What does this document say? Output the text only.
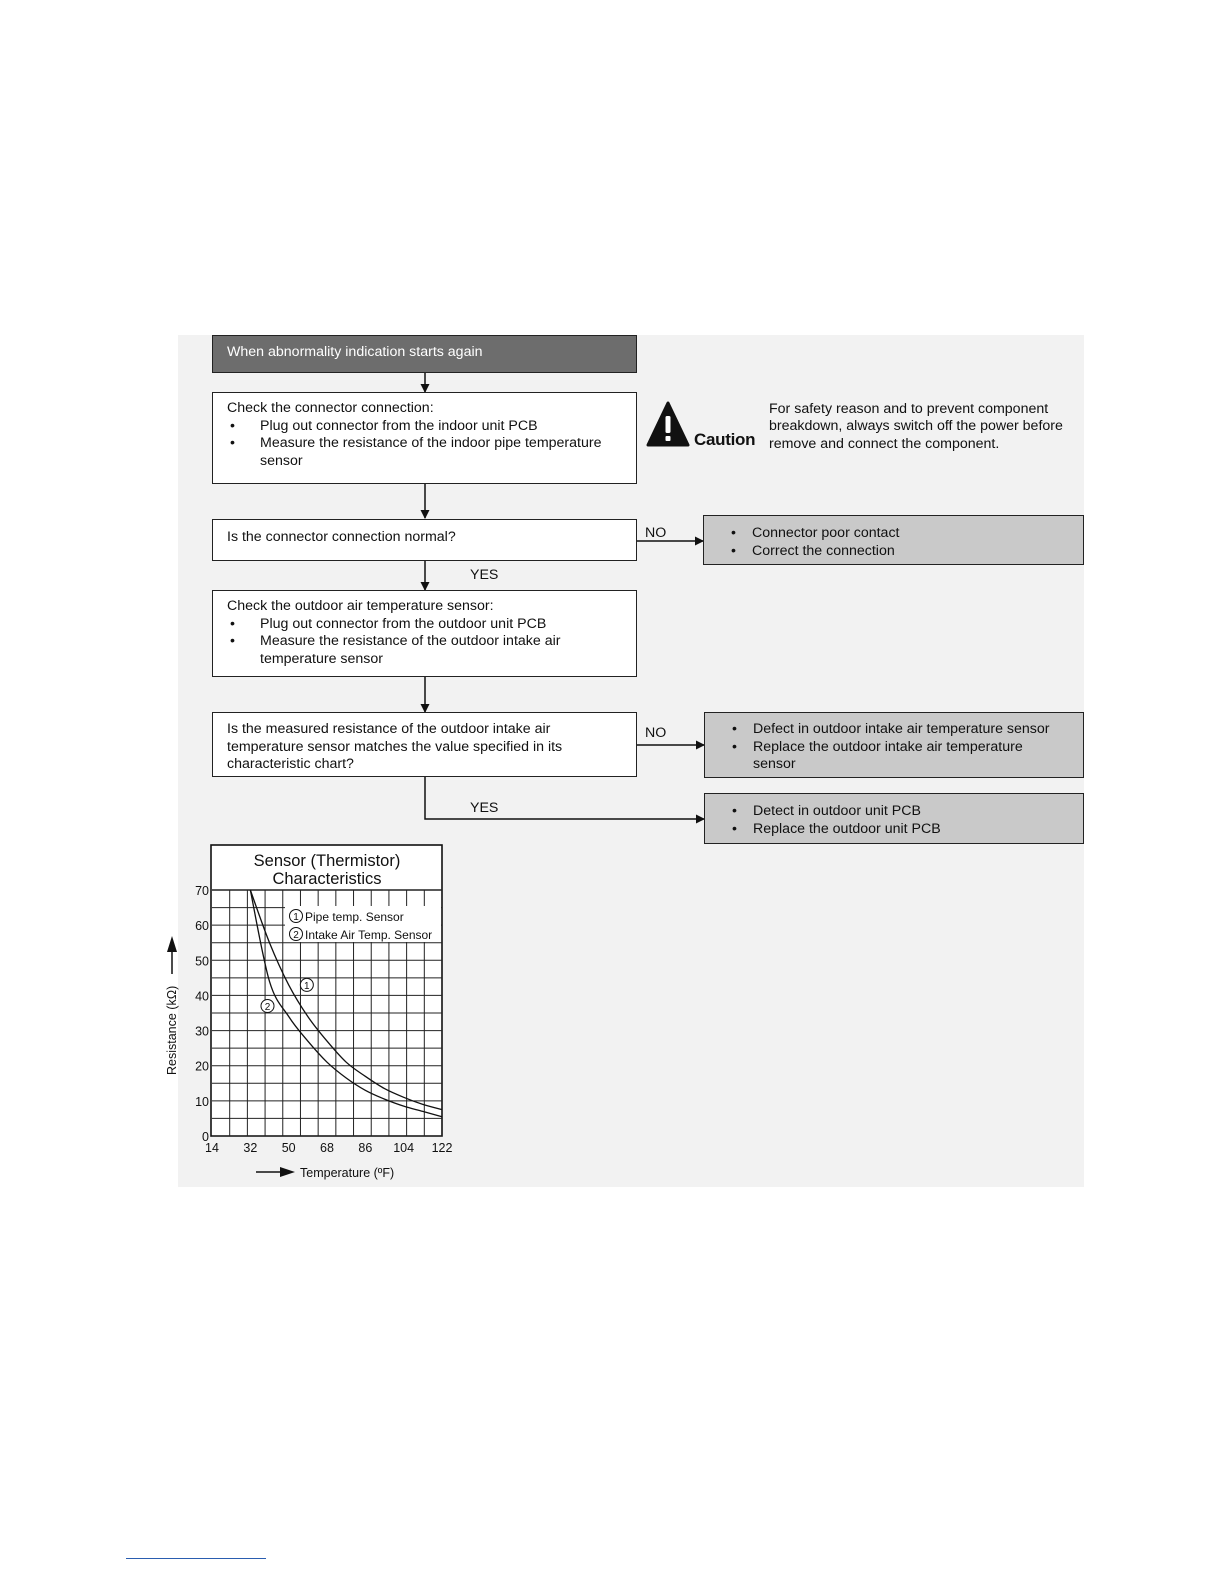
When abnormality indication starts again
Check the connector connection:
• Plug out connector from the indoor unit PCB
• Measure the resistance of the indoor pipe temperature sensor
Is the connector connection normal?	NO
YES
• Connector poor contact
• Correct the connection
Check the outdoor air temperature sensor:
• Plug out connector from the outdoor unit PCB
• Measure the resistance of the outdoor intake air temperature sensor
Is the measured resistance of the outdoor intake air temperature sensor matches the value specified in its characteristic chart?
NO
YES
• Defect in outdoor intake air temperature sensor
• Replace the outdoor intake air temperature sensor
• Detect in outdoor unit PCB
• Replace the outdoor unit PCB
Caution
For safety reason and to prevent component breakdown, always switch off the power before remove and connect the component.
Sensor (Thermistor)
Characteristics
0
10
20
30
40
50
60
70
14 32 50 68 86 104 122
Temperature (ºF)
Resistance (kΩ)
1 Pipe temp. Sensor
2 Intake Air Temp. Sensor
1
2
